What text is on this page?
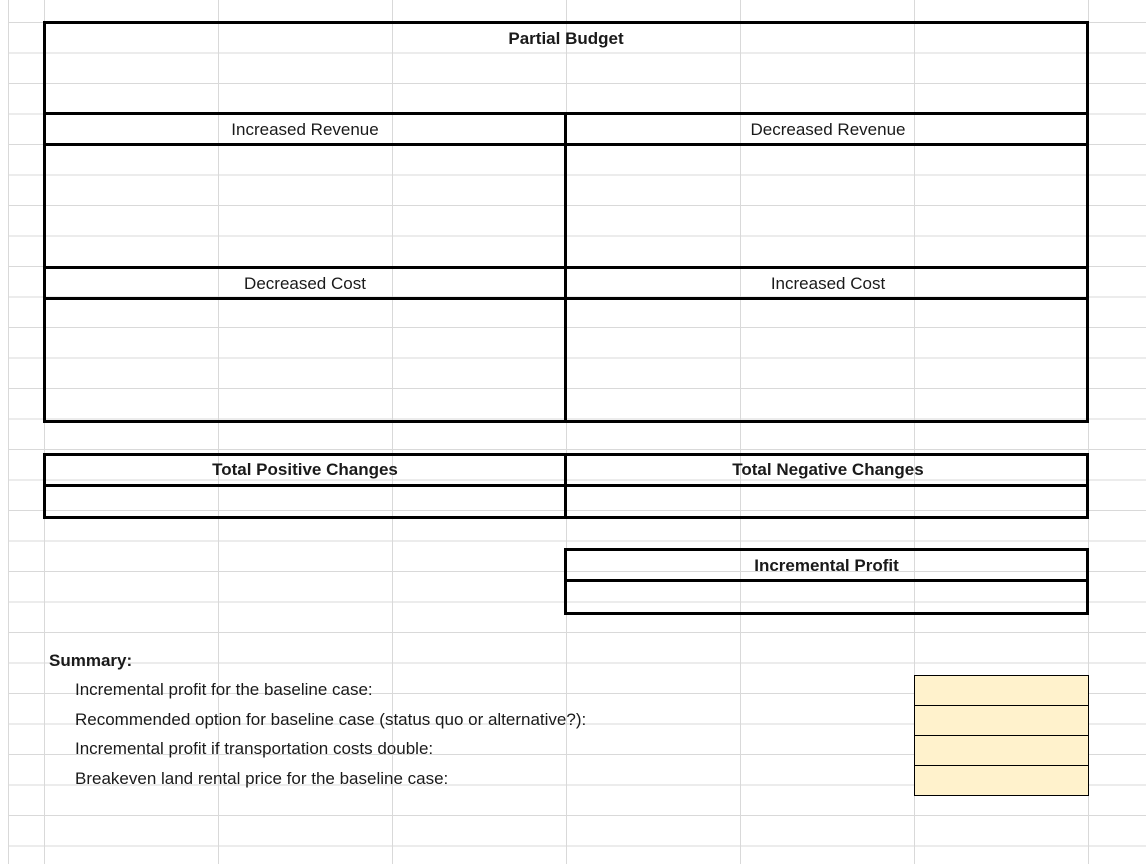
Partial Budget
Increased Revenue	Decreased Revenue
Decreased Cost	Increased Cost
Total Positive Changes	Total Negative Changes
Incremental Profit
Summary:
Incremental profit for the baseline case:
Recommended option for baseline case (status quo or alternative?):
Incremental profit if transportation costs double:
Breakeven land rental price for the baseline case:
